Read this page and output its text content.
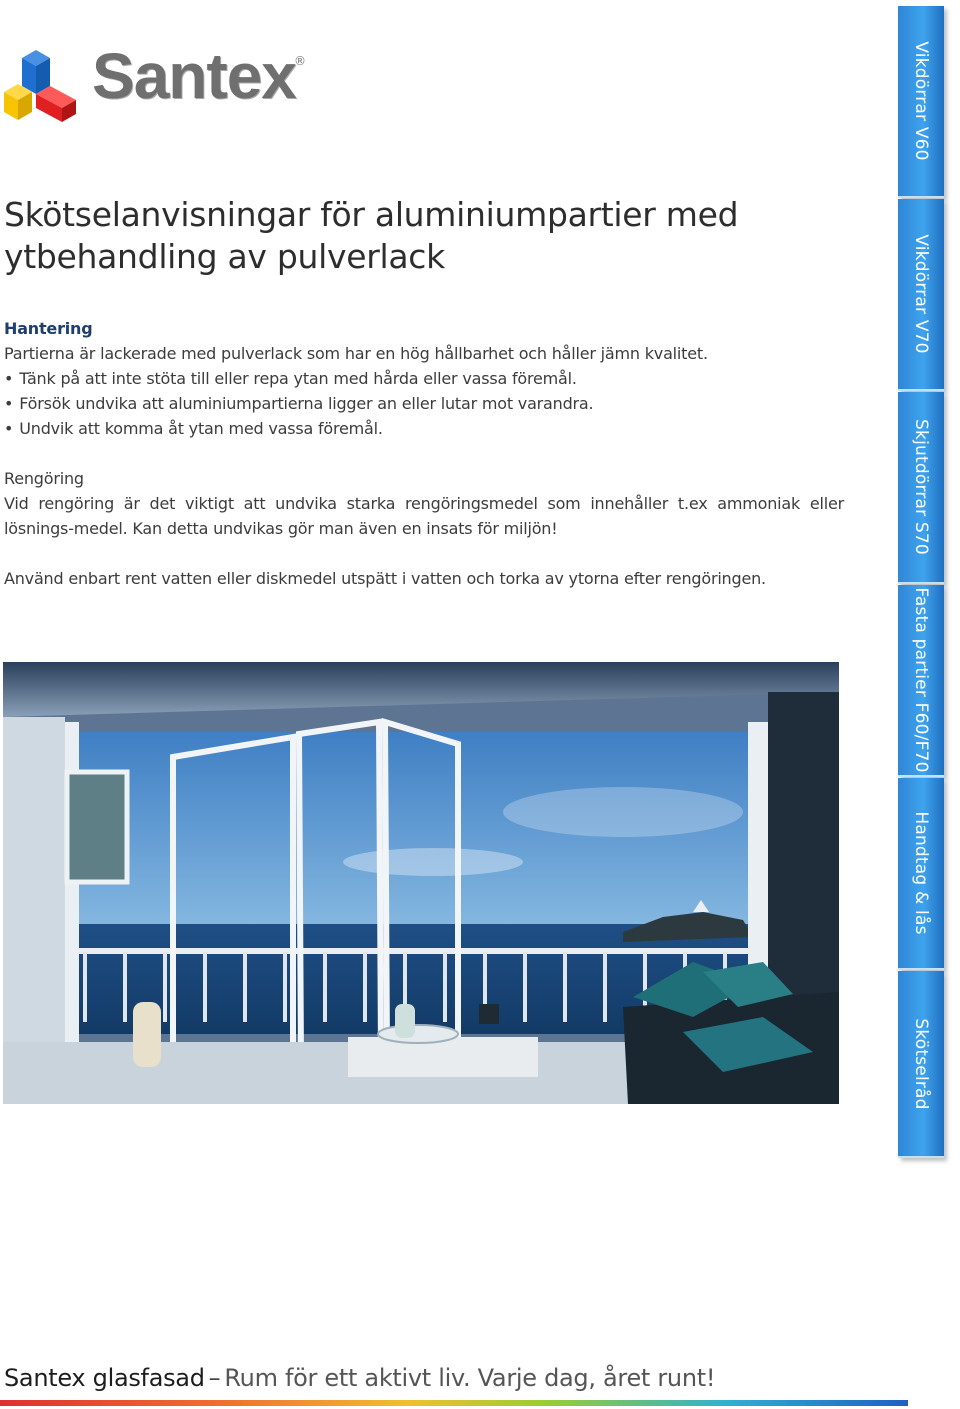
Santex
®
Skötselanvisningar för aluminiumpartier med ytbehandling av pulverlack

Hantering

Partierna är lackerade med pulverlack som har en hög hållbarhet och håller jämn kvalitet.

• Tänk på att inte stöta till eller repa ytan med hårda eller vassa föremål.

• Försök undvika att aluminiumpartierna ligger an eller lutar mot varandra.

• Undvik att komma åt ytan med vassa föremål.

Rengöring

Vid rengöring är det viktigt att undvika starka rengöringsmedel som innehåller t.ex ammoniak eller lösnings-medel. Kan detta undvikas gör man även en insats för miljön!

Använd enbart rent vatten eller diskmedel utspätt i vatten och torka av ytorna efter rengöringen.

Vikdörrar V60
Vikdörrar V70
Skjutdörrar S70
Fasta partier F60/F70
Handtag & lås
Skötselråd
Santex glasfasad – Rum för ett aktivt liv. Varje dag, året runt!
